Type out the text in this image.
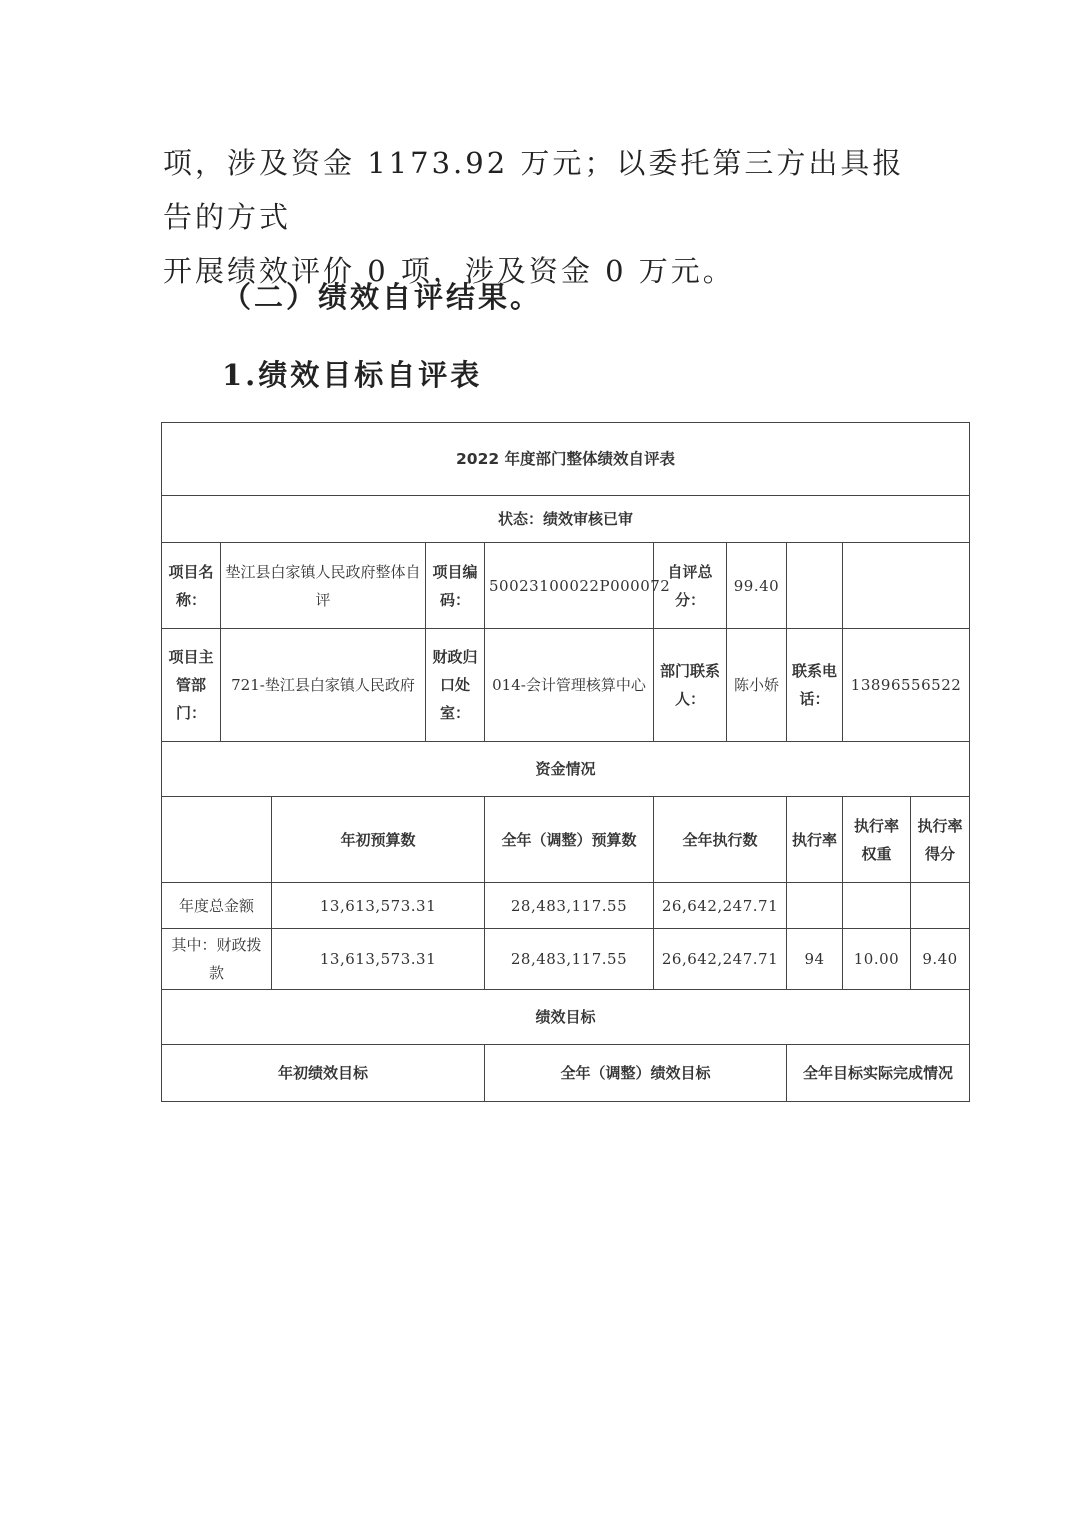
项，涉及资金 1173.92 万元；以委托第三方出具报告的方式
开展绩效评价 0 项，涉及资金 0 万元。

（二）绩效自评结果。
1.绩效目标自评表
2022 年度部门整体绩效自评表									
状态：绩效审核已审									
项目名称：	垫江县白家镇人民政府整体自评		项目编码：	50023100022P000072	自评总分：	99.40			
项目主管部门：	721-垫江县白家镇人民政府		财政归口处室：	014-会计管理核算中心	部门联系人：	陈小娇	联系电话：	13896556522	
资金情况									
		年初预算数		全年（调整）预算数	全年执行数		执行率	执行率权重	执行率得分
年度总金额		13,613,573.31		28,483,117.55	26,642,247.71				
其中：财政拨款		13,613,573.31		28,483,117.55	26,642,247.71		94	10.00	9.40
绩效目标									
年初绩效目标				全年（调整）绩效目标			全年目标实际完成情况		
